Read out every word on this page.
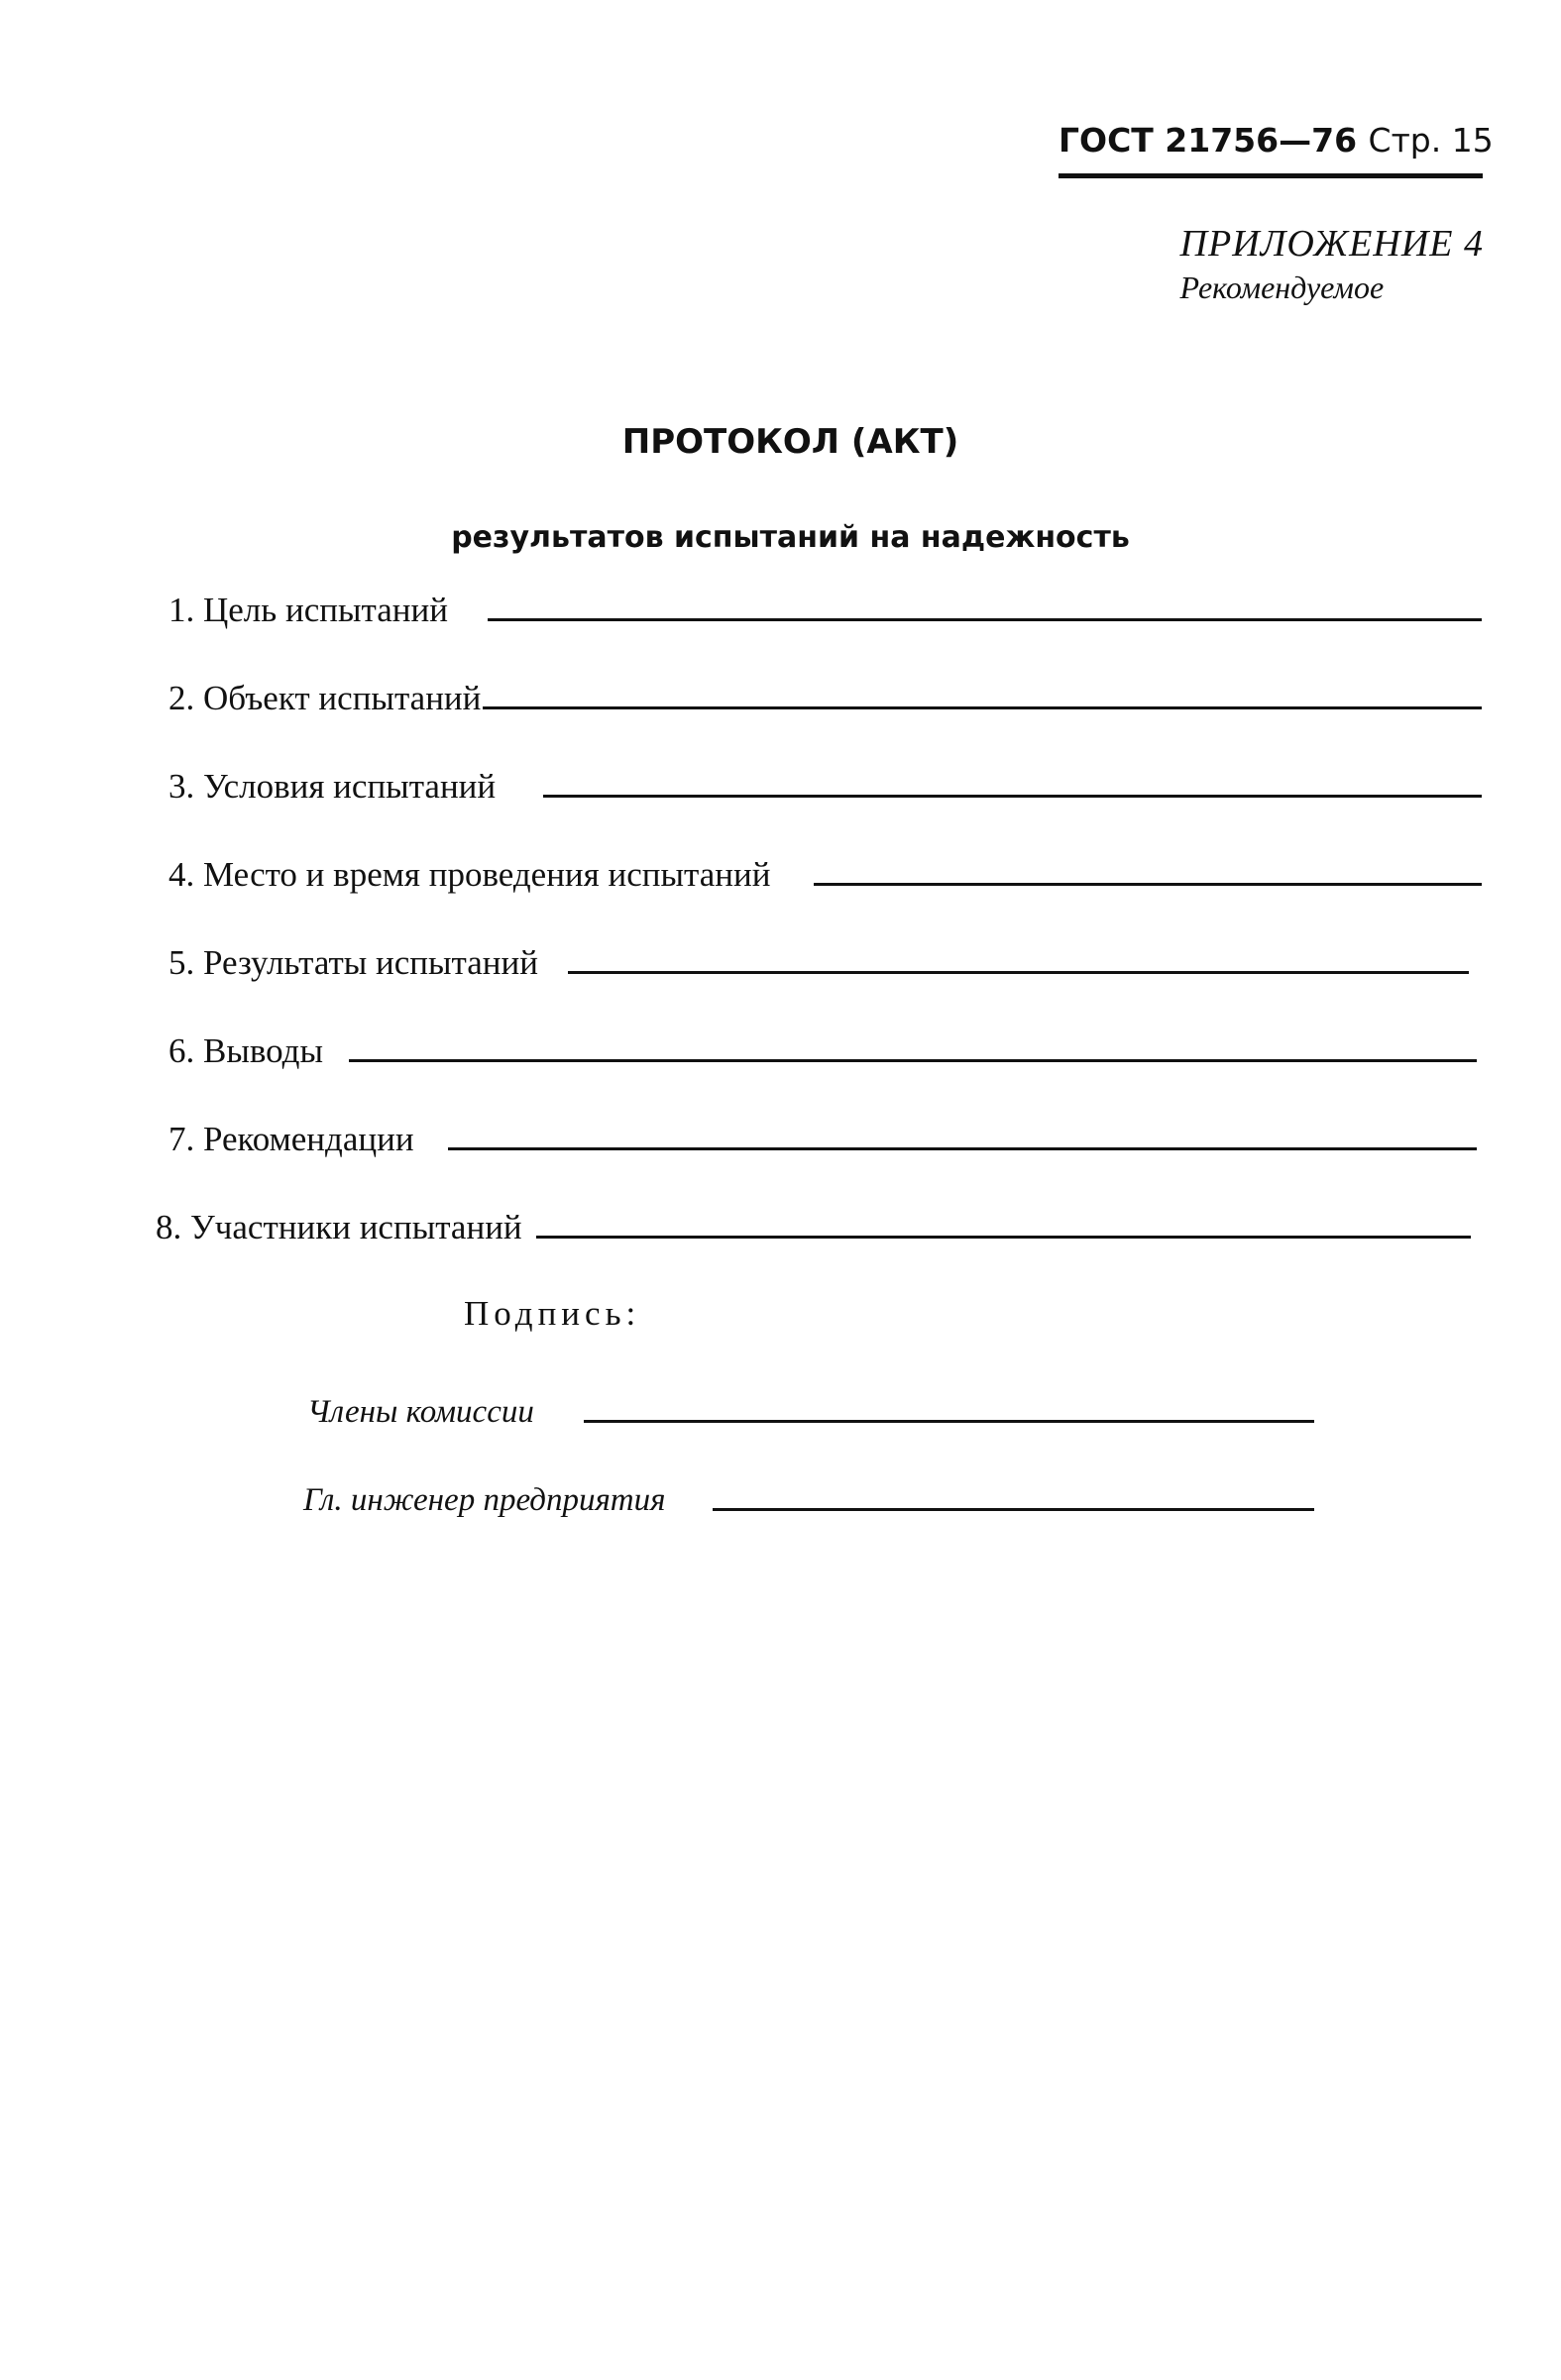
ГОСТ 21756—76 Стр. 15
ПРИЛОЖЕНИЕ 4
Рекомендуемое
ПРОТОКОЛ (АКТ)
результатов испытаний на надежность
1. Цель испытаний
2. Объект испытаний
3. Условия испытаний
4. Место и время проведения испытаний
5. Результаты испытаний
6. Выводы
7. Рекомендации
8. Участники испытаний
Подпись:
Члены комиссии
Гл. инженер предприятия
